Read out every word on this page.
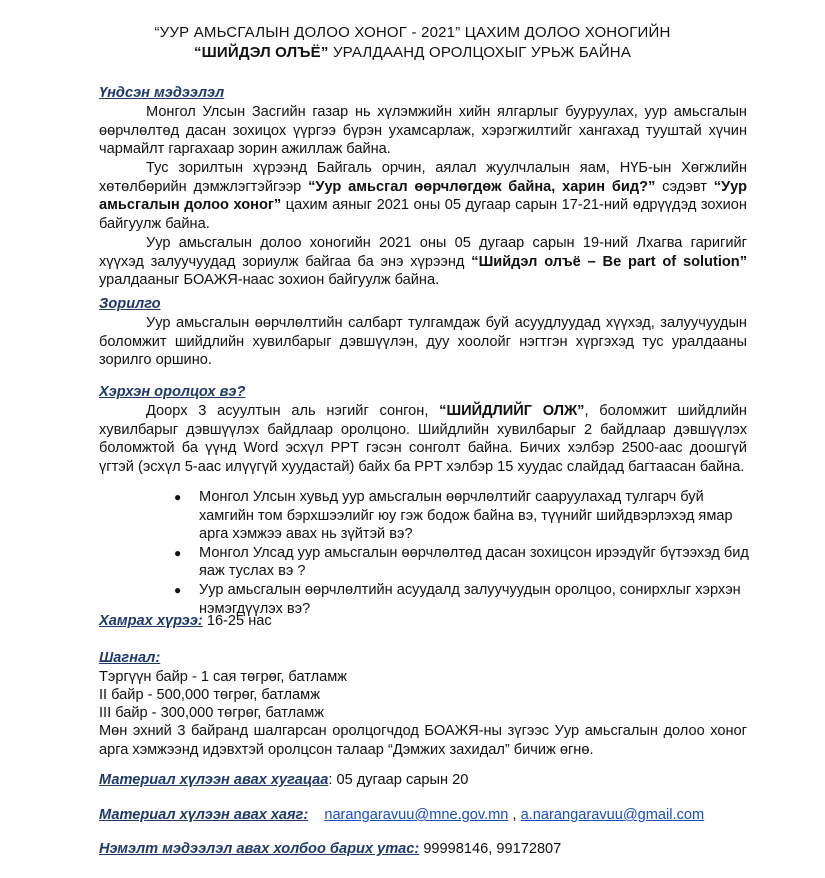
“УУР АМЬСГАЛЫН ДОЛОО ХОНОГ - 2021” ЦАХИМ ДОЛОО ХОНОГИЙН
“ШИЙДЭЛ ОЛЪЁ” УРАЛДААНД ОРОЛЦОХЫГ УРЬЖ БАЙНА
Үндсэн мэдээлэл
Монгол Улсын Засгийн газар нь хүлэмжийн хийн ялгарлыг бууруулах, уур амьсгалын өөрчлөлтөд дасан зохицох үүргээ бүрэн ухамсарлаж, хэрэгжилтийг хангахад тууштай хүчин чармайлт гаргахаар зорин ажиллаж байна.
Тус зорилтын хүрээнд Байгаль орчин, аялал жуулчлалын яам, НҮБ-ын Хөгжлийн хөтөлбөрийн дэмжлэгтэйгээр “Уур амьсгал өөрчлөгдөж байна, харин бид?” сэдэвт “Уур амьсгалын долоо хоног” цахим аяныг 2021 оны 05 дугаар сарын 17-21-ний өдрүүдэд зохион байгуулж байна.
Уур амьсгалын долоо хоногийн 2021 оны 05 дугаар сарын 19-ний Лхагва гаригийг хүүхэд залуучуудад зориулж байгаа ба энэ хүрээнд “Шийдэл олъё – Be part of solution” уралдааныг БОАЖЯ-наас зохион байгуулж байна.
Зорилго
Уур амьсгалын өөрчлөлтийн салбарт тулгамдаж буй асуудлуудад хүүхэд, залуучуудын боломжит шийдлийн хувилбарыг дэвшүүлэн, дуу хоолойг нэгтгэн хүргэхэд тус уралдааны зорилго оршино.
Хэрхэн оролцох вэ?
Доорх 3 асуултын аль нэгийг сонгон, “ШИЙДЛИЙГ ОЛЖ”, боломжит шийдлийн хувилбарыг дэвшүүлэх байдлаар оролцоно. Шийдлийн хувилбарыг 2 байдлаар дэвшүүлэх боломжтой ба үүнд Word эсхүл PPT гэсэн сонголт байна. Бичих хэлбэр 2500-аас доошгүй үгтэй (эсхүл 5-аас илүүгүй хуудастай) байх ба PPT хэлбэр 15 хуудас слайдад багтаасан байна.
● Монгол Улсын хувьд уур амьсгалын өөрчлөлтийг сааруулахад тулгарч буй хамгийн том бэрхшээлийг юу гэж бодож байна вэ, түүнийг шийдвэрлэхэд ямар арга хэмжээ авах нь зүйтэй вэ?
● Монгол Улсад уур амьсгалын өөрчлөлтөд дасан зохицсон ирээдүйг бүтээхэд бид яаж туслах вэ ?
● Уур амьсгалын өөрчлөлтийн асуудалд залуучуудын оролцоо, сонирхлыг хэрхэн нэмэгдүүлэх вэ?
Хамрах хүрээ: 16-25 нас
Шагнал:
Тэргүүн байр - 1 сая төгрөг, батламж
II байр - 500,000 төгрөг, батламж
III байр - 300,000 төгрөг, батламж
Мөн эхний 3 байранд шалгарсан оролцогчдод БОАЖЯ-ны зүгээс Уур амьсгалын долоо хоног арга хэмжээнд идэвхтэй оролцсон талаар “Дэмжих захидал” бичиж өгнө.
Материал хүлээн авах хугацаа: 05 дугаар сарын 20
Материал хүлээн авах хаяг: narangaravuu@mne.gov.mn , a.narangaravuu@gmail.com
Нэмэлт мэдээлэл авах холбоо барих утас: 99998146, 99172807
